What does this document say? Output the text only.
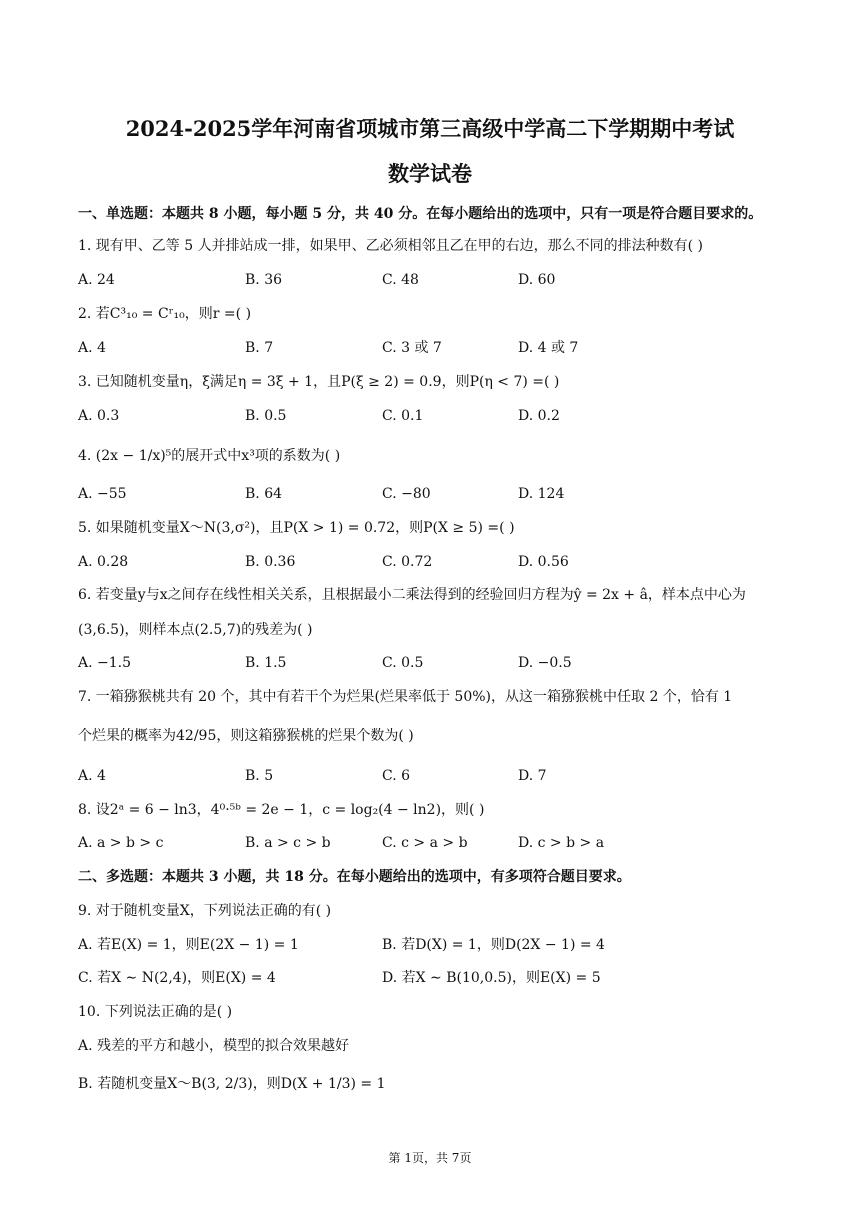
2024-2025学年河南省项城市第三高级中学高二下学期期中考试
数学试卷
一、单选题：本题共 8 小题，每小题 5 分，共 40 分。在每小题给出的选项中，只有一项是符合题目要求的。
1. 现有甲、乙等 5 人并排站成一排，如果甲、乙必须相邻且乙在甲的右边，那么不同的排法种数有( )
A. 24	B. 36	C. 48	D. 60
2. 若C³₁₀ = Cʳ₁₀，则r =( )
A. 4	B. 7	C. 3 或 7	D. 4 或 7
3. 已知随机变量η，ξ满足η = 3ξ + 1，且P(ξ ≥ 2) = 0.9，则P(η < 7) =( )
A. 0.3	B. 0.5	C. 0.1	D. 0.2
4. (2x − 1/x)⁵的展开式中x³项的系数为( )
A. −55	B. 64	C. −80	D. 124
5. 如果随机变量X～N(3,σ²)，且P(X > 1) = 0.72，则P(X ≥ 5) =( )
A. 0.28	B. 0.36	C. 0.72	D. 0.56
6. 若变量y与x之间存在线性相关关系，且根据最小二乘法得到的经验回归方程为ŷ = 2x + â，样本点中心为
(3,6.5)，则样本点(2.5,7)的残差为( )
A. −1.5	B. 1.5	C. 0.5	D. −0.5
7. 一箱猕猴桃共有 20 个，其中有若干个为烂果(烂果率低于 50%)，从这一箱猕猴桃中任取 2 个，恰有 1
个烂果的概率为42/95，则这箱猕猴桃的烂果个数为( )
A. 4	B. 5	C. 6	D. 7
8. 设2ᵃ = 6 − ln3，4⁰·⁵ᵇ = 2e − 1，c = log₂(4 − ln2)，则( )
A. a > b > c	B. a > c > b	C. c > a > b	D. c > b > a
二、多选题：本题共 3 小题，共 18 分。在每小题给出的选项中，有多项符合题目要求。
9. 对于随机变量X，下列说法正确的有( )
A. 若E(X) = 1，则E(2X − 1) = 1	B. 若D(X) = 1，则D(2X − 1) = 4
C. 若X ∼ N(2,4)，则E(X) = 4	D. 若X ∼ B(10,0.5)，则E(X) = 5
10. 下列说法正确的是( )
A. 残差的平方和越小，模型的拟合效果越好
B. 若随机变量X～B(3, 2/3)，则D(X + 1/3) = 1
第 1页，共 7页
